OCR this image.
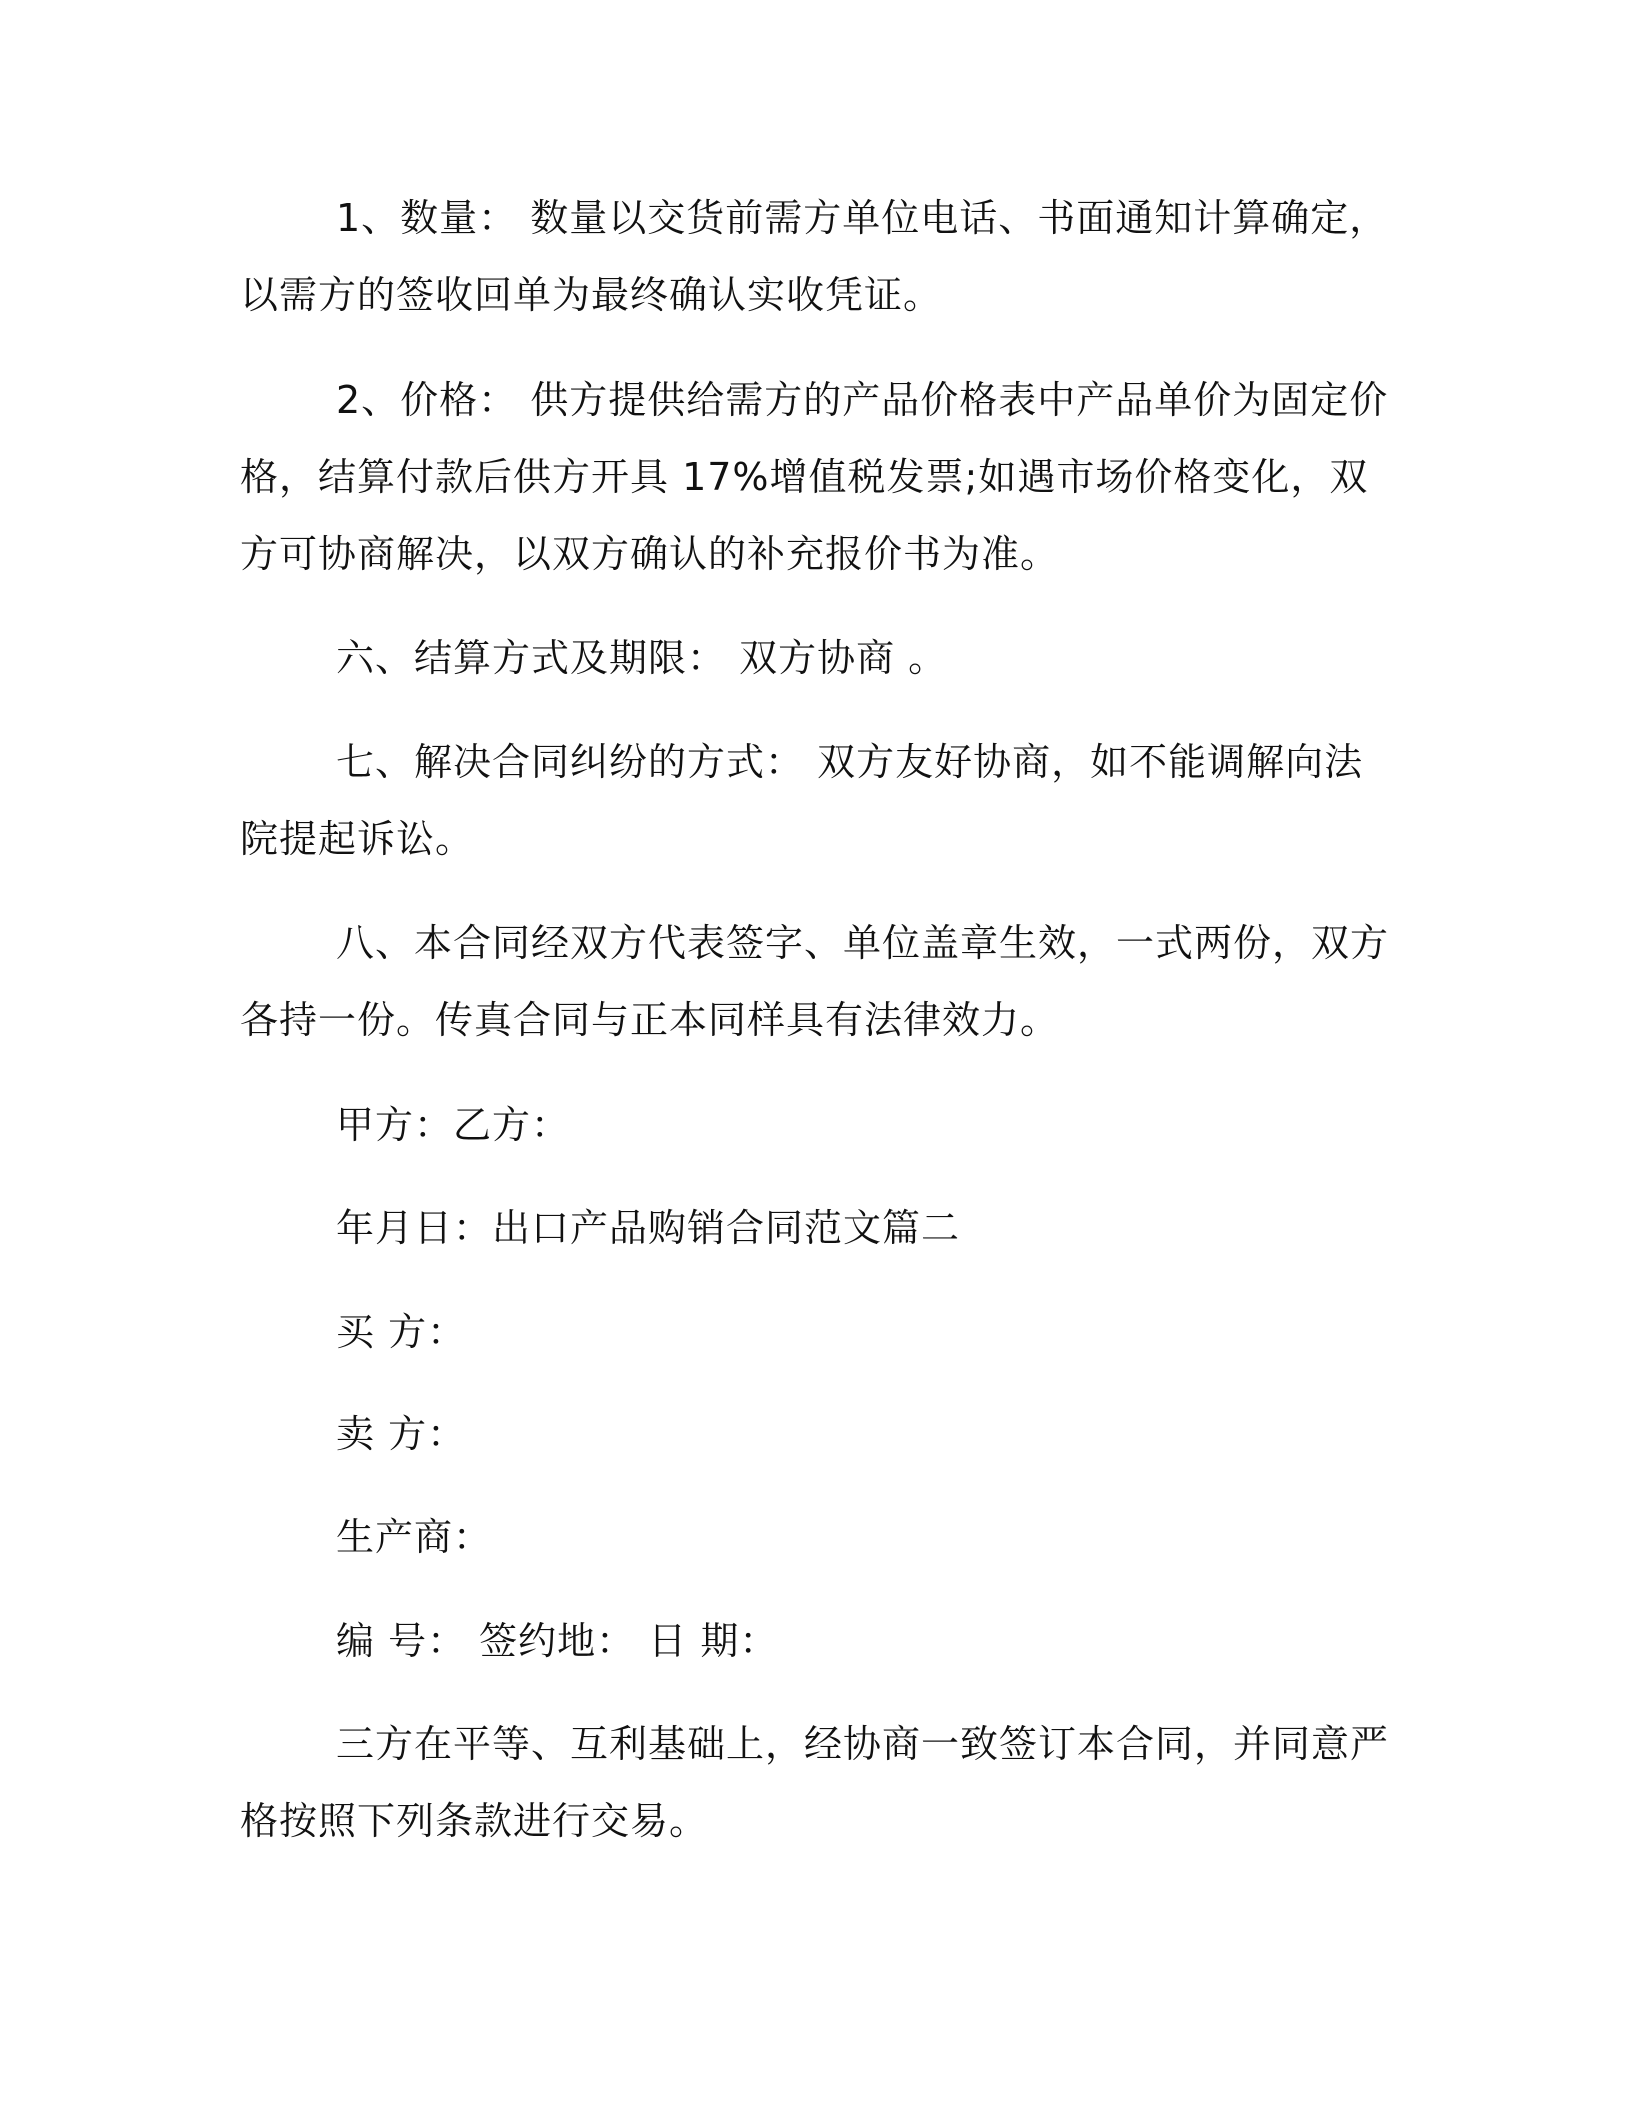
1、数量： 数量以交货前需方单位电话、书面通知计算确定，以需方的签收回单为最终确认实收凭证。

2、价格： 供方提供给需方的产品价格表中产品单价为固定价格，结算付款后供方开具 17%增值税发票;如遇市场价格变化，双方可协商解决，以双方确认的补充报价书为准。

六、结算方式及期限： 双方协商 。

七、解决合同纠纷的方式： 双方友好协商，如不能调解向法院提起诉讼。

八、本合同经双方代表签字、单位盖章生效，一式两份，双方各持一份。传真合同与正本同样具有法律效力。

甲方：乙方：

年月日：出口产品购销合同范文篇二

买 方：

卖 方：

生产商：

编 号： 签约地： 日 期：

三方在平等、互利基础上，经协商一致签订本合同，并同意严格按照下列条款进行交易。
